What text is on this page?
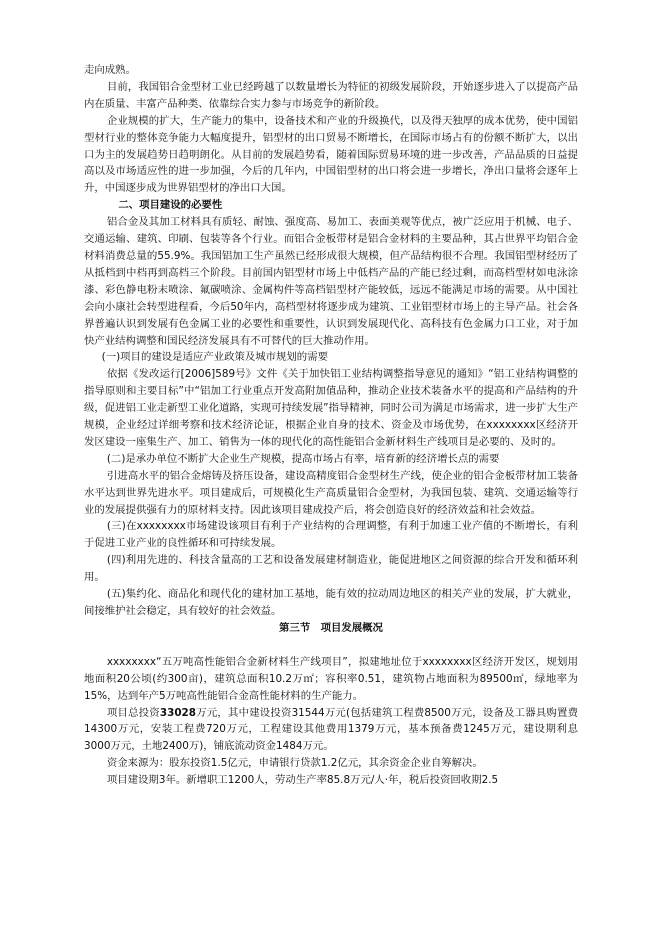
走向成熟。

目前，我国铝合金型材工业已经跨越了以数量增长为特征的初级发展阶段，开始逐步进入了以提高产品内在质量、丰富产品种类、依靠综合实力参与市场竞争的新阶段。

企业规模的扩大，生产能力的集中，设备技术和产业的升级换代，以及得天独厚的成本优势，使中国铝型材行业的整体竞争能力大幅度提升，铝型材的出口贸易不断增长，在国际市场占有的份额不断扩大，以出口为主的发展趋势日趋明朗化。从目前的发展趋势看，随着国际贸易环境的进一步改善，产品品质的日益提高以及市场适应性的进一步加强，今后的几年内，中国铝型材的出口将会进一步增长，净出口量将会逐年上升，中国逐步成为世界铝型材的净出口大国。

二、项目建设的必要性

铝合金及其加工材料具有质轻、耐蚀、强度高、易加工、表面美观等优点，被广泛应用于机械、电子、交通运输、建筑、印刷、包装等各个行业。而铝合金板带材是铝合金材料的主要品种，其占世界平均铝合金材料消费总量的55.9%。我国铝加工生产虽然已经形成很大规模，但产品结构很不合理。我国铝型材经历了从抵档到中档再到高档三个阶段。目前国内铝型材市场上中低档产品的产能已经过剩，而高档型材如电泳涂漆、彩色静电粉末喷涂、氟碳喷涂、金属构件等高档铝型材产能较低，远远不能满足市场的需要。从中国社会向小康社会转型进程看，今后50年内，高档型材将逐步成为建筑、工业铝型材市场上的主导产品。社会各界普遍认识到发展有色金属工业的必要性和重要性，认识到发展现代化、高科技有色金属力口工业，对于加快产业结构调整和国民经济发展具有不可替代的巨大推动作用。

(一)项目的建设是适应产业政策及城市规划的需要

依据《发改运行[2006]589号》文件《关于加快铝工业结构调整指导意见的通知》“铝工业结构调整的指导原则和主要目标”中“铝加工行业重点开发高附加值品种，推动企业技术装备水平的提高和产品结构的升级，促进铝工业走新型工业化道路，实现可持续发展”指导精神，同时公司为满足市场需求，进一步扩大生产规模，企业经过详细考察和技术经济论证，根据企业自身的技术、资金及市场优势，在xxxxxxxx区经济开发区建设一座集生产、加工、销售为一体的现代化的高性能铝合金新材料生产线项目是必要的、及时的。

(二)是承办单位不断扩大企业生产规模，提高市场占有率，培育新的经济增长点的需要

引进高水平的铝合金熔铸及挤压设备，建设高精度铝合金型材生产线，使企业的铝合金板带材加工装备水平达到世界先进水平。项目建成后，可规模化生产高质量铝合金型材，为我国包装、建筑、交通运输等行业的发展提供强有力的原材料支持。因此该项目建成投产后，将会创造良好的经济效益和社会效益。

(三)在xxxxxxxx市场建设该项目有利于产业结构的合理调整，有利于加速工业产值的不断增长，有利于促进工业产业的良性循环和可持续发展。

(四)利用先进的、科技含量高的工艺和设备发展建材制造业，能促进地区之间资源的综合开发和循环利用。

(五)集约化、商品化和现代化的建材加工基地，能有效的拉动周边地区的相关产业的发展，扩大就业，间接维护社会稳定，具有较好的社会效益。

第三节　项目发展概况

xxxxxxxx“五万吨高性能铝合金新材料生产线项目”，拟建地址位于xxxxxxxx区经济开发区，规划用地面积20公顷(约300亩)，建筑总面积10.2万㎡；容积率0.51，建筑物占地面积为89500㎡，绿地率为15%，达到年产5万吨高性能铝合金高性能材料的生产能力。

项目总投资33028万元，其中建设投资31544万元(包括建筑工程费8500万元，设备及工器具购置费14300万元，安装工程费720万元，工程建设其他费用1379万元，基本预备费1245万元，建设期利息3000万元，土地2400万)，铺底流动资金1484万元。

资金来源为：股东投资1.5亿元，申请银行贷款1.2亿元，其余资金企业自筹解决。

项目建设期3年。新增职工1200人，劳动生产率85.8万元/人·年，税后投资回收期2.5
